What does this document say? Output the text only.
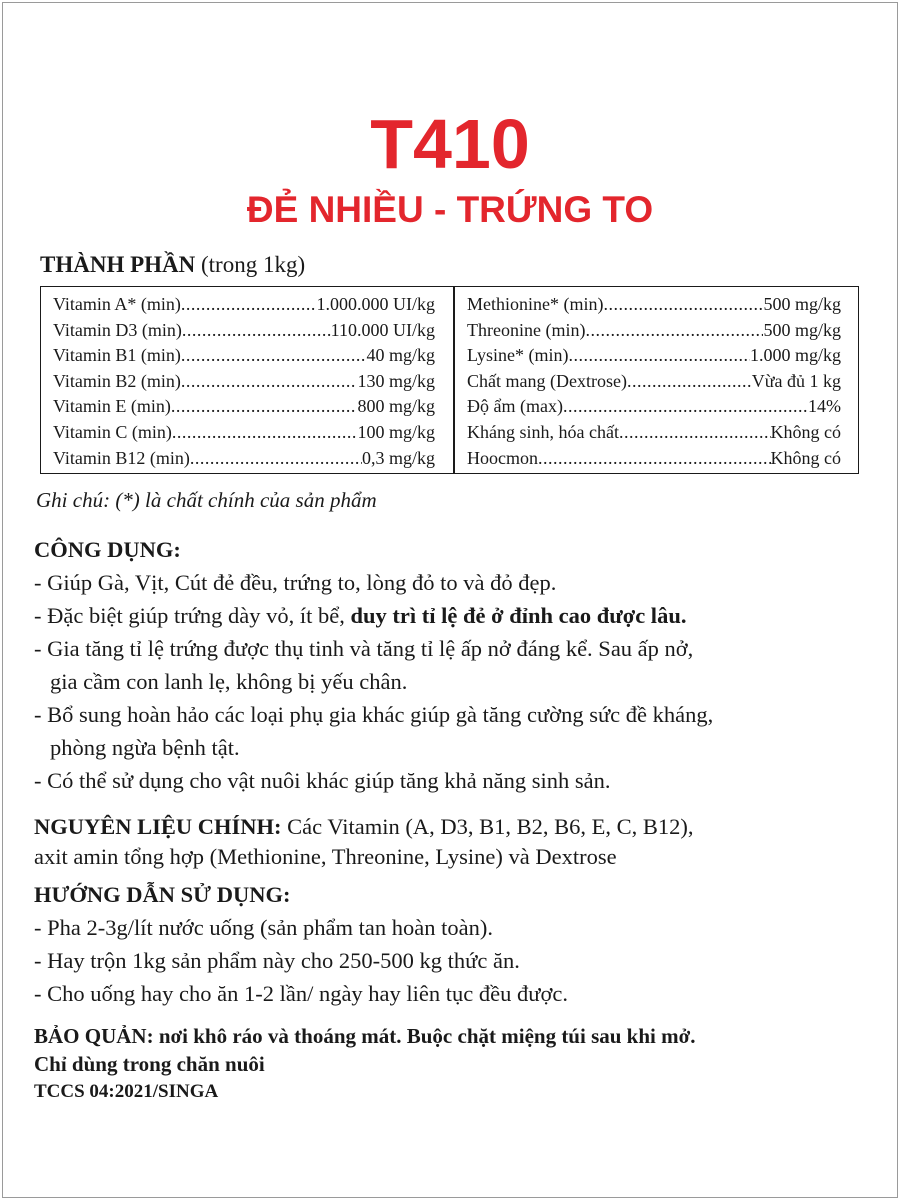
T410
ĐẺ NHIỀU - TRỨNG TO
THÀNH PHẦN (trong 1kg)
Vitamin A* (min) .....	1.000.000 UI/kg
Vitamin D3 (min) .....	110.000 UI/kg
Vitamin B1 (min) .....	40 mg/kg
Vitamin B2 (min) .....	130 mg/kg
Vitamin E (min) .....	800 mg/kg
Vitamin C (min) .....	100 mg/kg
Vitamin B12 (min) .....	0,3 mg/kg
Methionine* (min) .....	500 mg/kg
Threonine (min) .....	500 mg/kg
Lysine* (min) .....	1.000 mg/kg
Chất mang (Dextrose) .....	Vừa đủ 1 kg
Độ ẩm (max) .....	14%
Kháng sinh, hóa chất .....	Không có
Hoocmon .....	Không có
Ghi chú: (*) là chất chính của sản phẩm
CÔNG DỤNG:
- Giúp Gà, Vịt, Cút đẻ đều, trứng to, lòng đỏ to và đỏ đẹp.
- Đặc biệt giúp trứng dày vỏ, ít bể, duy trì tỉ lệ đẻ ở đỉnh cao được lâu.
- Gia tăng tỉ lệ trứng được thụ tinh và tăng tỉ lệ ấp nở đáng kể. Sau ấp nở,
gia cầm con lanh lẹ, không bị yếu chân.
- Bổ sung hoàn hảo các loại phụ gia khác giúp gà tăng cường sức đề kháng,
phòng ngừa bệnh tật.
- Có thể sử dụng cho vật nuôi khác giúp tăng khả năng sinh sản.
NGUYÊN LIỆU CHÍNH: Các Vitamin (A, D3, B1, B2, B6, E, C, B12),
axit amin tổng hợp (Methionine, Threonine, Lysine) và Dextrose
HƯỚNG DẪN SỬ DỤNG:
- Pha 2-3g/lít nước uống (sản phẩm tan hoàn toàn).
- Hay trộn 1kg sản phẩm này cho 250-500 kg thức ăn.
- Cho uống hay cho ăn 1-2 lần/ ngày hay liên tục đều được.
BẢO QUẢN: nơi khô ráo và thoáng mát. Buộc chặt miệng túi sau khi mở.
Chỉ dùng trong chăn nuôi
TCCS 04:2021/SINGA
